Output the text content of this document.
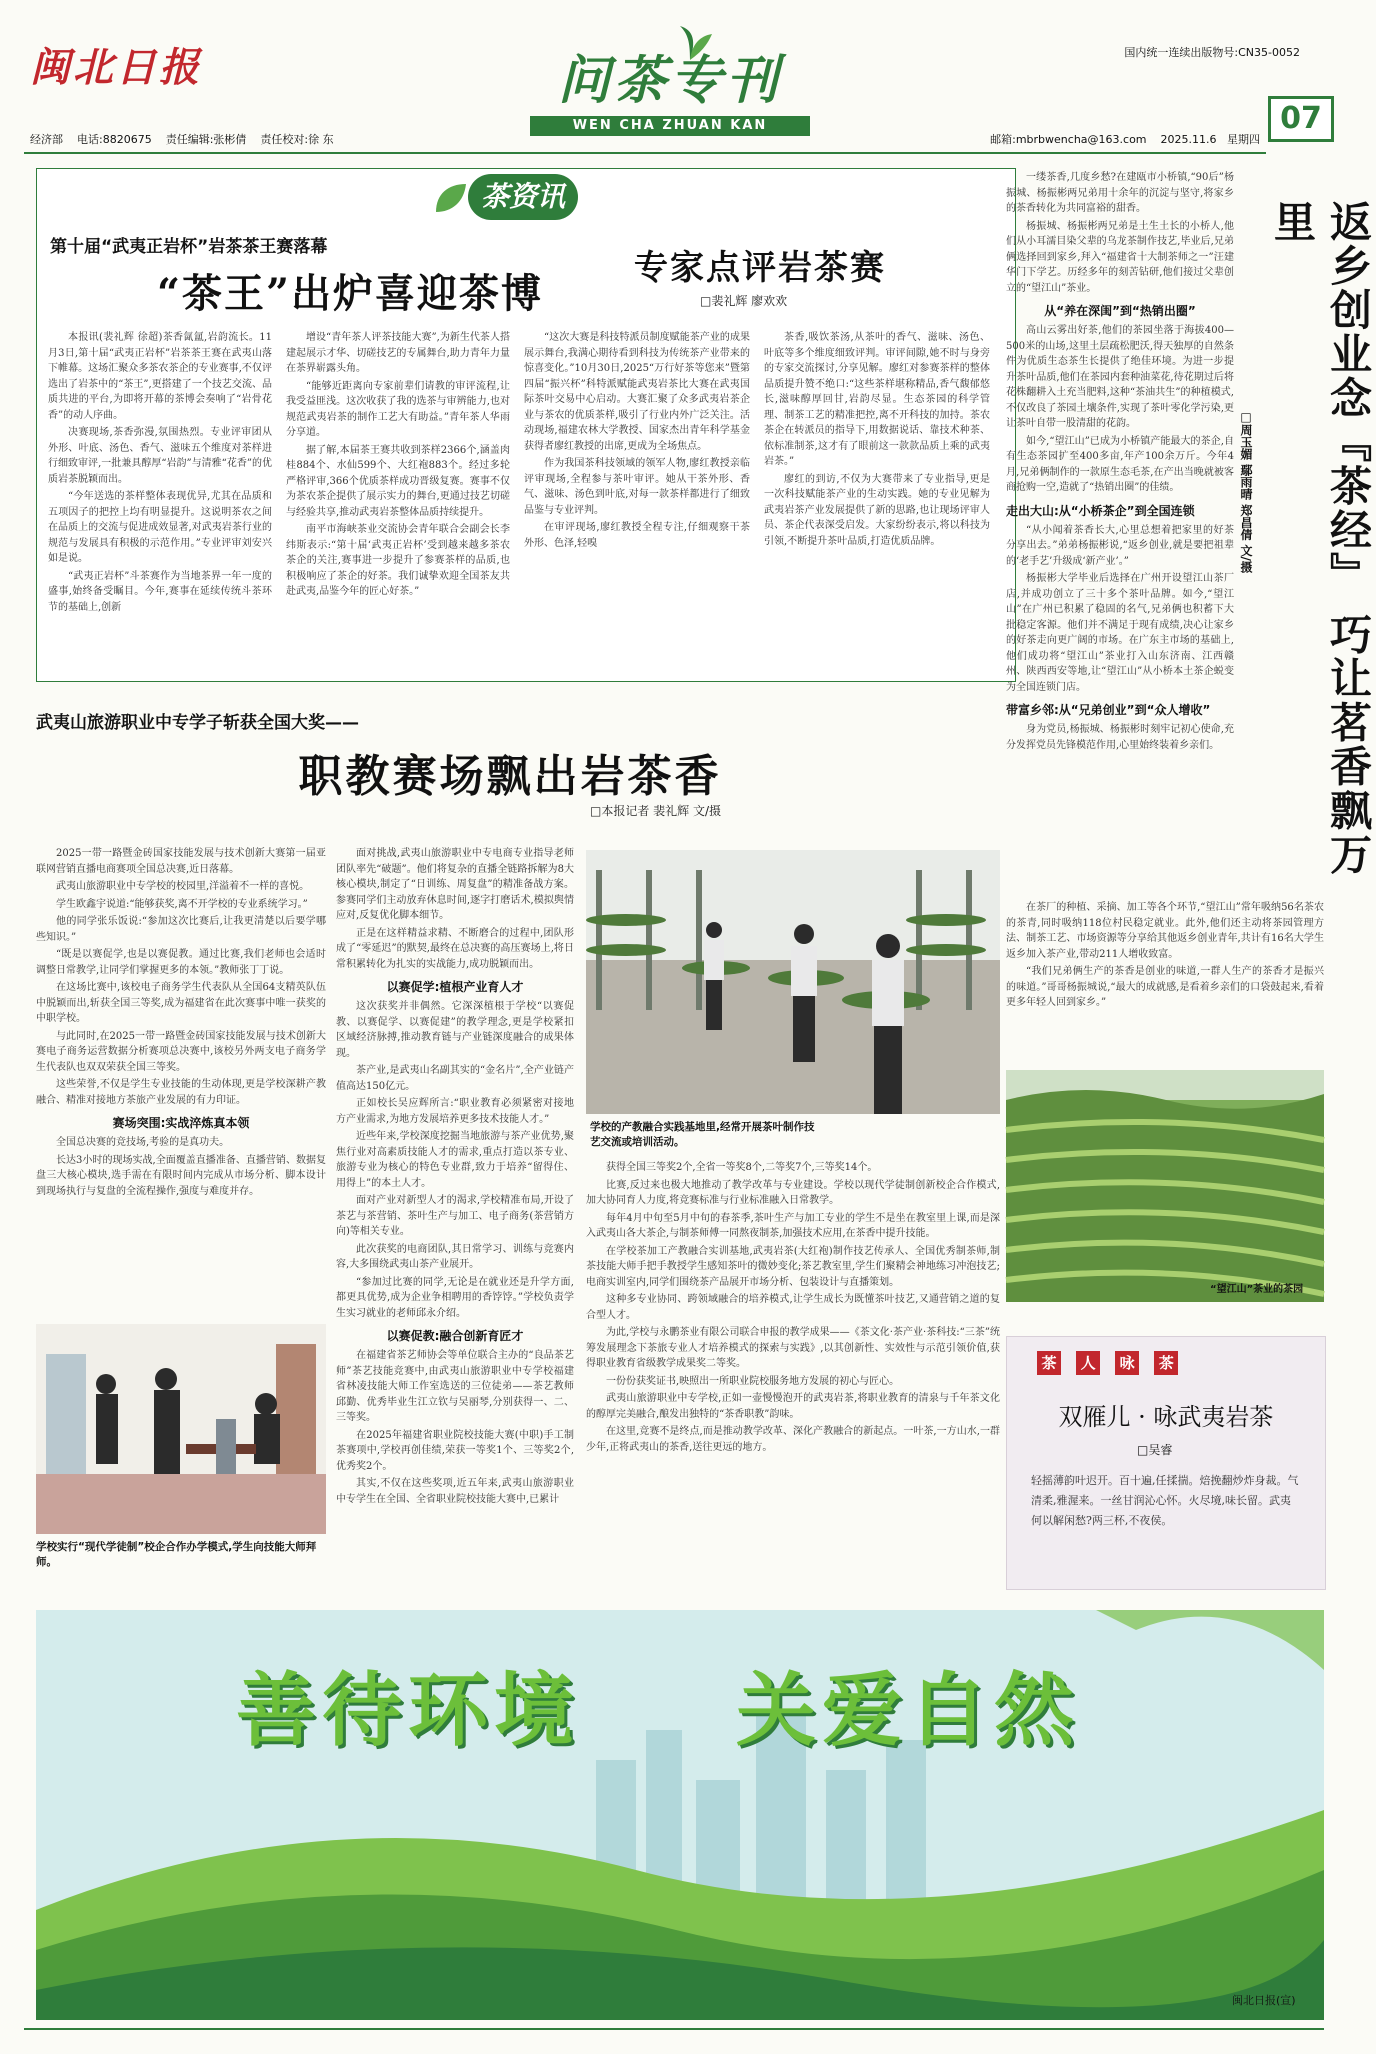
闽北日报	问茶专刊
WEN CHA ZHUAN KAN
国内统一连续出版物号:CN35-0052
07
经济部 电话:8820675 责任编辑:张彬倩 责任校对:徐 东	邮箱:mbrbwencha@163.com 2025.11.6 星期四
茶资讯
第十届“武夷正岩杯”岩茶茶王赛落幕
“茶王”出炉喜迎茶博

本报讯(裴礼辉 徐超)茶香氤氲,岩韵流长。11月3日,第十届“武夷正岩杯”岩茶茶王赛在武夷山落下帷幕。这场汇聚众多茶农茶企的专业赛事,不仅评选出了岩茶中的“茶王”,更搭建了一个技艺交流、品质共进的平台,为即将开幕的茶博会奏响了“岩骨花香”的动人序曲。

决赛现场,茶香弥漫,氛围热烈。专业评审团从外形、叶底、汤色、香气、滋味五个维度对茶样进行细致审评,一批兼具醇厚“岩韵”与清雅“花香”的优质岩茶脱颖而出。

“今年送选的茶样整体表现优异,尤其在品质和五项因子的把控上均有明显提升。这说明茶农之间在品质上的交流与促进成效显著,对武夷岩茶行业的规范与发展具有积极的示范作用。”专业评审刘安兴如是说。

“武夷正岩杯”斗茶赛作为当地茶界一年一度的盛事,始终备受瞩目。今年,赛事在延续传统斗茶环节的基础上,创新

增设“青年茶人评茶技能大赛”,为新生代茶人搭建起展示才华、切磋技艺的专属舞台,助力青年力量在茶界崭露头角。

“能够近距离向专家前辈们请教的审评流程,让我受益匪浅。这次收获了我的选茶与审辨能力,也对规范武夷岩茶的制作工艺大有助益。”青年茶人华雨分享道。

据了解,本届茶王赛共收到茶样2366个,涵盖肉桂884个、水仙599个、大红袍883个。经过多轮严格评审,366个优质茶样成功晋级复赛。赛事不仅为茶农茶企提供了展示实力的舞台,更通过技艺切磋与经验共享,推动武夷岩茶整体品质持续提升。

南平市海峡茶业交流协会青年联合会副会长李纬斯表示:“第十届‘武夷正岩杯’受到越来越多茶农茶企的关注,赛事进一步提升了参赛茶样的品质,也积极响应了茶企的好茶。我们诚挚欢迎全国茶友共赴武夷,品鉴今年的匠心好茶。”

专家点评岩茶赛
□裴礼辉 廖欢欢

“这次大赛是科技特派员制度赋能茶产业的成果展示舞台,我满心期待看到科技为传统茶产业带来的惊喜变化。”10月30日,2025“万行好茶等您来”暨第四届“振兴杯”科特派赋能武夷岩茶比大赛在武夷国际茶叶交易中心启动。大赛汇聚了众多武夷岩茶企业与茶农的优质茶样,吸引了行业内外广泛关注。活动现场,福建农林大学教授、国家杰出青年科学基金获得者廖红教授的出席,更成为全场焦点。

作为我国茶科技领域的领军人物,廖红教授亲临评审现场,全程参与茶叶审评。她从干茶外形、香气、滋味、汤色到叶底,对每一款茶样都进行了细致品鉴与专业评判。

在审评现场,廖红教授全程专注,仔细观察干茶外形、色泽,轻嗅

茶香,吸饮茶汤,从茶叶的香气、滋味、汤色、叶底等多个维度细致评判。审评间隙,她不时与身旁的专家交流探讨,分享见解。廖红对参赛茶样的整体品质提升赞不绝口:“这些茶样堪称精品,香气馥郁悠长,滋味醇厚回甘,岩韵尽显。生态茶园的科学管理、制茶工艺的精准把控,离不开科技的加持。茶农茶企在转派员的指导下,用数据说话、靠技术种茶、依标准制茶,这才有了眼前这一款款品质上乘的武夷岩茶。”

廖红的到访,不仅为大赛带来了专业指导,更是一次科技赋能茶产业的生动实践。她的专业见解为武夷岩茶产业发展提供了新的思路,也让现场评审人员、茶企代表深受启发。大家纷纷表示,将以科技为引领,不断提升茶叶品质,打造优质品牌。

武夷山旅游职业中专学子斩获全国大奖——
职教赛场飘出岩茶香
□本报记者 裴礼辉 文/摄

2025一带一路暨金砖国家技能发展与技术创新大赛第一届亚联网营销直播电商赛项全国总决赛,近日落幕。

武夷山旅游职业中专学校的校园里,洋溢着不一样的喜悦。

学生欧鑫宇说道:“能够获奖,离不开学校的专业系统学习。”

他的同学张乐饭说:“参加这次比赛后,让我更清楚以后要学哪些知识。”

“既是以赛促学,也是以赛促教。通过比赛,我们老师也会适时调整日常教学,让同学们掌握更多的本领。”教师张丁丁说。

在这场比赛中,该校电子商务学生代表队从全国64支精英队伍中脱颖而出,斩获全国三等奖,成为福建省在此次赛事中唯一获奖的中职学校。

与此同时,在2025一带一路暨金砖国家技能发展与技术创新大赛电子商务运营数据分析赛项总决赛中,该校另外两支电子商务学生代表队也双双荣获全国三等奖。

这些荣誉,不仅是学生专业技能的生动体现,更是学校深耕产教融合、精准对接地方茶旅产业发展的有力印证。

赛场突围:实战淬炼真本领

全国总决赛的竞技场,考验的是真功夫。

长达3小时的现场实战,全面覆盖直播准备、直播营销、数据复盘三大核心模块,选手需在有限时间内完成从市场分析、脚本设计到现场执行与复盘的全流程操作,强度与难度并存。

面对挑战,武夷山旅游职业中专电商专业指导老师团队率先“破题”。他们将复杂的直播全链路拆解为8大核心模块,制定了“日训练、周复盘”的精准备战方案。参赛同学们主动放弃休息时间,逐字打磨话术,模拟舆情应对,反复优化脚本细节。

正是在这样精益求精、不断磨合的过程中,团队形成了“零延迟”的默契,最终在总决赛的高压赛场上,将日常积累转化为扎实的实战能力,成功脱颖而出。

以赛促学:植根产业育人才

这次获奖并非偶然。它深深植根于学校“以赛促教、以赛促学、以赛促建”的教学理念,更是学校紧扣区域经济脉搏,推动教育链与产业链深度融合的成果体现。

茶产业,是武夷山名副其实的“金名片”,全产业链产值高达150亿元。

正如校长吴应辉所言:“职业教育必须紧密对接地方产业需求,为地方发展培养更多技术技能人才。”

近些年来,学校深度挖掘当地旅游与茶产业优势,聚焦行业对高素质技能人才的需求,重点打造以茶专业、旅游专业为核心的特色专业群,致力于培养“留得住、用得上”的本土人才。

面对产业对新型人才的渴求,学校精准布局,开设了茶艺与茶营销、茶叶生产与加工、电子商务(茶营销方向)等相关专业。

此次获奖的电商团队,其日常学习、训练与竞赛内容,大多围绕武夷山茶产业展开。

“参加过比赛的同学,无论是在就业还是升学方面,都更具优势,成为企业争相聘用的香饽饽。”学校负责学生实习就业的老师邱永介绍。

以赛促教:融合创新育匠才

在福建省茶艺师协会等单位联合主办的“良品茶艺师”茶艺技能竞赛中,由武夷山旅游职业中专学校福建省林凌技能大师工作室选送的三位徒弟——茶艺教师邱勤、优秀毕业生江立钦与吴丽琴,分别获得一、二、三等奖。

在2025年福建省职业院校技能大赛(中职)手工制茶赛项中,学校再创佳绩,荣获一等奖1个、三等奖2个,优秀奖2个。

其实,不仅在这些奖项,近五年来,武夷山旅游职业中专学生在全国、全省职业院校技能大赛中,已累计

学校的产教融合实践基地里,经常开展茶叶制作技艺交流或培训活动。
学校实行“现代学徒制”校企合作办学模式,学生向技能大师拜师。

获得全国三等奖2个,全省一等奖8个,二等奖7个,三等奖14个。

比赛,反过来也极大地推动了教学改革与专业建设。学校以现代学徒制创新校企合作模式,加大协同育人力度,将竞赛标准与行业标准融入日常教学。

每年4月中旬至5月中旬的春茶季,茶叶生产与加工专业的学生不是坐在教室里上课,而是深入武夷山各大茶企,与制茶师傅一同熬夜制茶,加强技术应用,在茶香中提升技能。

在学校茶加工产教融合实训基地,武夷岩茶(大红袍)制作技艺传承人、全国优秀制茶师,制茶技能大师手把手教授学生感知茶叶的微妙变化;茶艺教室里,学生们聚精会神地练习冲泡技艺;电商实训室内,同学们围绕茶产品展开市场分析、包装设计与直播策划。

这种多专业协同、跨领域融合的培养模式,让学生成长为既懂茶叶技艺,又通营销之道的复合型人才。

为此,学校与永鹏茶业有限公司联合申报的教学成果——《茶文化·茶产业·茶科技:“三茶”统筹发展理念下茶旅专业人才培养模式的探索与实践》,以其创新性、实效性与示范引领价值,获得职业教育省级教学成果奖二等奖。

一份份获奖证书,映照出一所职业院校服务地方发展的初心与匠心。

武夷山旅游职业中专学校,正如一壶慢慢泡开的武夷岩茶,将职业教育的清泉与千年茶文化的醇厚完美融合,酿发出独特的“茶香职教”韵味。

在这里,竞赛不是终点,而是推动教学改革、深化产教融合的新起点。一叶茶,一方山水,一群少年,正将武夷山的茶香,送往更远的地方。

返乡创业念『茶经』 巧让茗香飘万里
□周玉媚 鄢雨晴 郑昌倩 文/摄

一缕茶香,几度乡愁?在建瓯市小桥镇,“90后”杨振城、杨振彬两兄弟用十余年的沉淀与坚守,将家乡的茶香转化为共同富裕的甜香。

杨振城、杨振彬两兄弟是土生土长的小桥人,他们从小耳濡目染父辈的乌龙茶制作技艺,毕业后,兄弟俩选择回到家乡,拜入“福建省十大制茶师之一”汪建华门下学艺。历经多年的刻苦钻研,他们接过父辈创立的“望江山”茶业。

从“养在深闺”到“热销出圈”

高山云雾出好茶,他们的茶园坐落于海拔400—500米的山场,这里土层疏松肥沃,得天独厚的自然条件为优质生态茶生长提供了绝佳环境。为进一步提升茶叶品质,他们在茶园内套种油菜花,待花期过后将花株翻耕入土充当肥料,这种“茶油共生”的种植模式,不仅改良了茶园土壤条件,实现了茶叶零化学污染,更让茶叶自带一股清甜的花韵。

如今,“望江山”已成为小桥镇产能最大的茶企,自有生态茶园扩至400多亩,年产100余万斤。今年4月,兄弟俩制作的一款原生态毛茶,在产出当晚就被客商抢购一空,造就了“热销出圈”的佳绩。

走出大山:从“小桥茶企”到全国连锁

“从小闻着茶香长大,心里总想着把家里的好茶分享出去。”弟弟杨振彬说,“返乡创业,就是要把祖辈的‘老手艺’升级成‘新产业’。”

杨振彬大学毕业后选择在广州开设望江山茶厂店,并成功创立了三十多个茶叶品牌。如今,“望江山”在广州已积累了稳固的名气,兄弟俩也积蓄下大批稳定客源。他们并不满足于现有成绩,决心让家乡的好茶走向更广阔的市场。在广东主市场的基础上,他们成功将“望江山”茶业打入山东济南、江西赣州、陕西西安等地,让“望江山”从小桥本土茶企蜕变为全国连锁门店。

带富乡邻:从“兄弟创业”到“众人增收”

身为党员,杨振城、杨振彬时刻牢记初心使命,充分发挥党员先锋模范作用,心里始终装着乡亲们。

在茶厂的种植、采摘、加工等各个环节,“望江山”常年吸纳56名茶农的茶青,同时吸纳118位村民稳定就业。此外,他们还主动将茶园管理方法、制茶工艺、市场资源等分享给其他返乡创业青年,共计有16名大学生返乡加入茶产业,带动211人增收致富。

“我们兄弟俩生产的茶香是创业的味道,一群人生产的茶香才是振兴的味道。”哥哥杨振城说,“最大的成就感,是看着乡亲们的口袋鼓起来,看着更多年轻人回到家乡。”

“望江山”茶业的茶园
茶 人 咏 茶
双雁儿 · 咏武夷岩茶
□吴睿
轻摇薄韵叶迟开。百十遍,任揉揣。焙挽翻炒炸身裁。气清柔,雅渥来。一丝甘润沁心怀。火尽境,味长留。武夷何以解闲愁?两三杯,不夜侯。
善待环境	关爱自然
闽北日报(宣)
